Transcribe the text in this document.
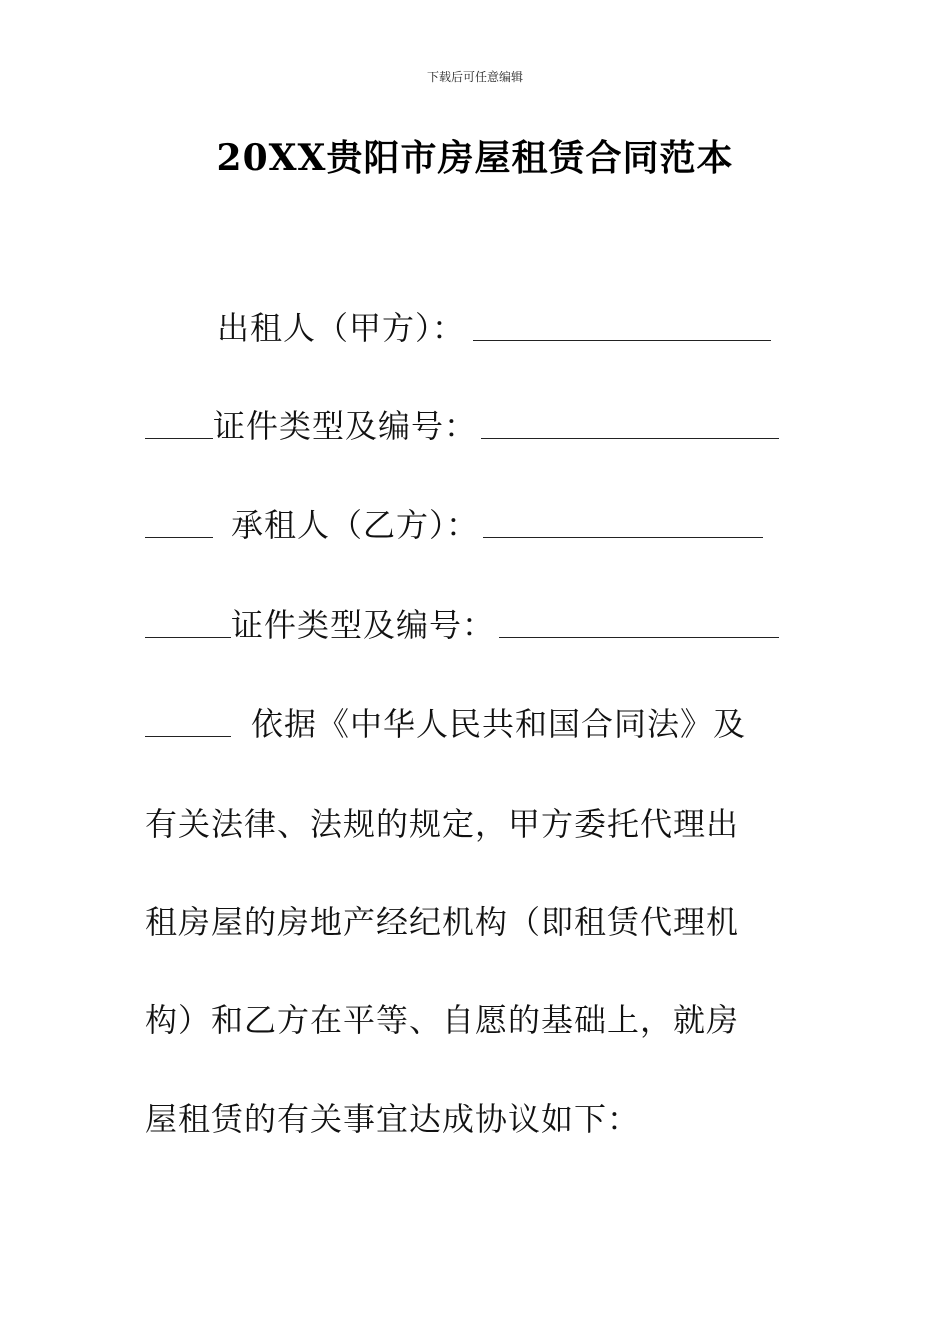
下载后可任意编辑
20XX贵阳市房屋租赁合同范本
出租人（甲方）：
证件类型及编号：
承租人（乙方）：
证件类型及编号：
依据《中华人民共和国合同法》及
有关法律、法规的规定，甲方委托代理出
租房屋的房地产经纪机构（即租赁代理机
构）和乙方在平等、自愿的基础上，就房
屋租赁的有关事宜达成协议如下：
